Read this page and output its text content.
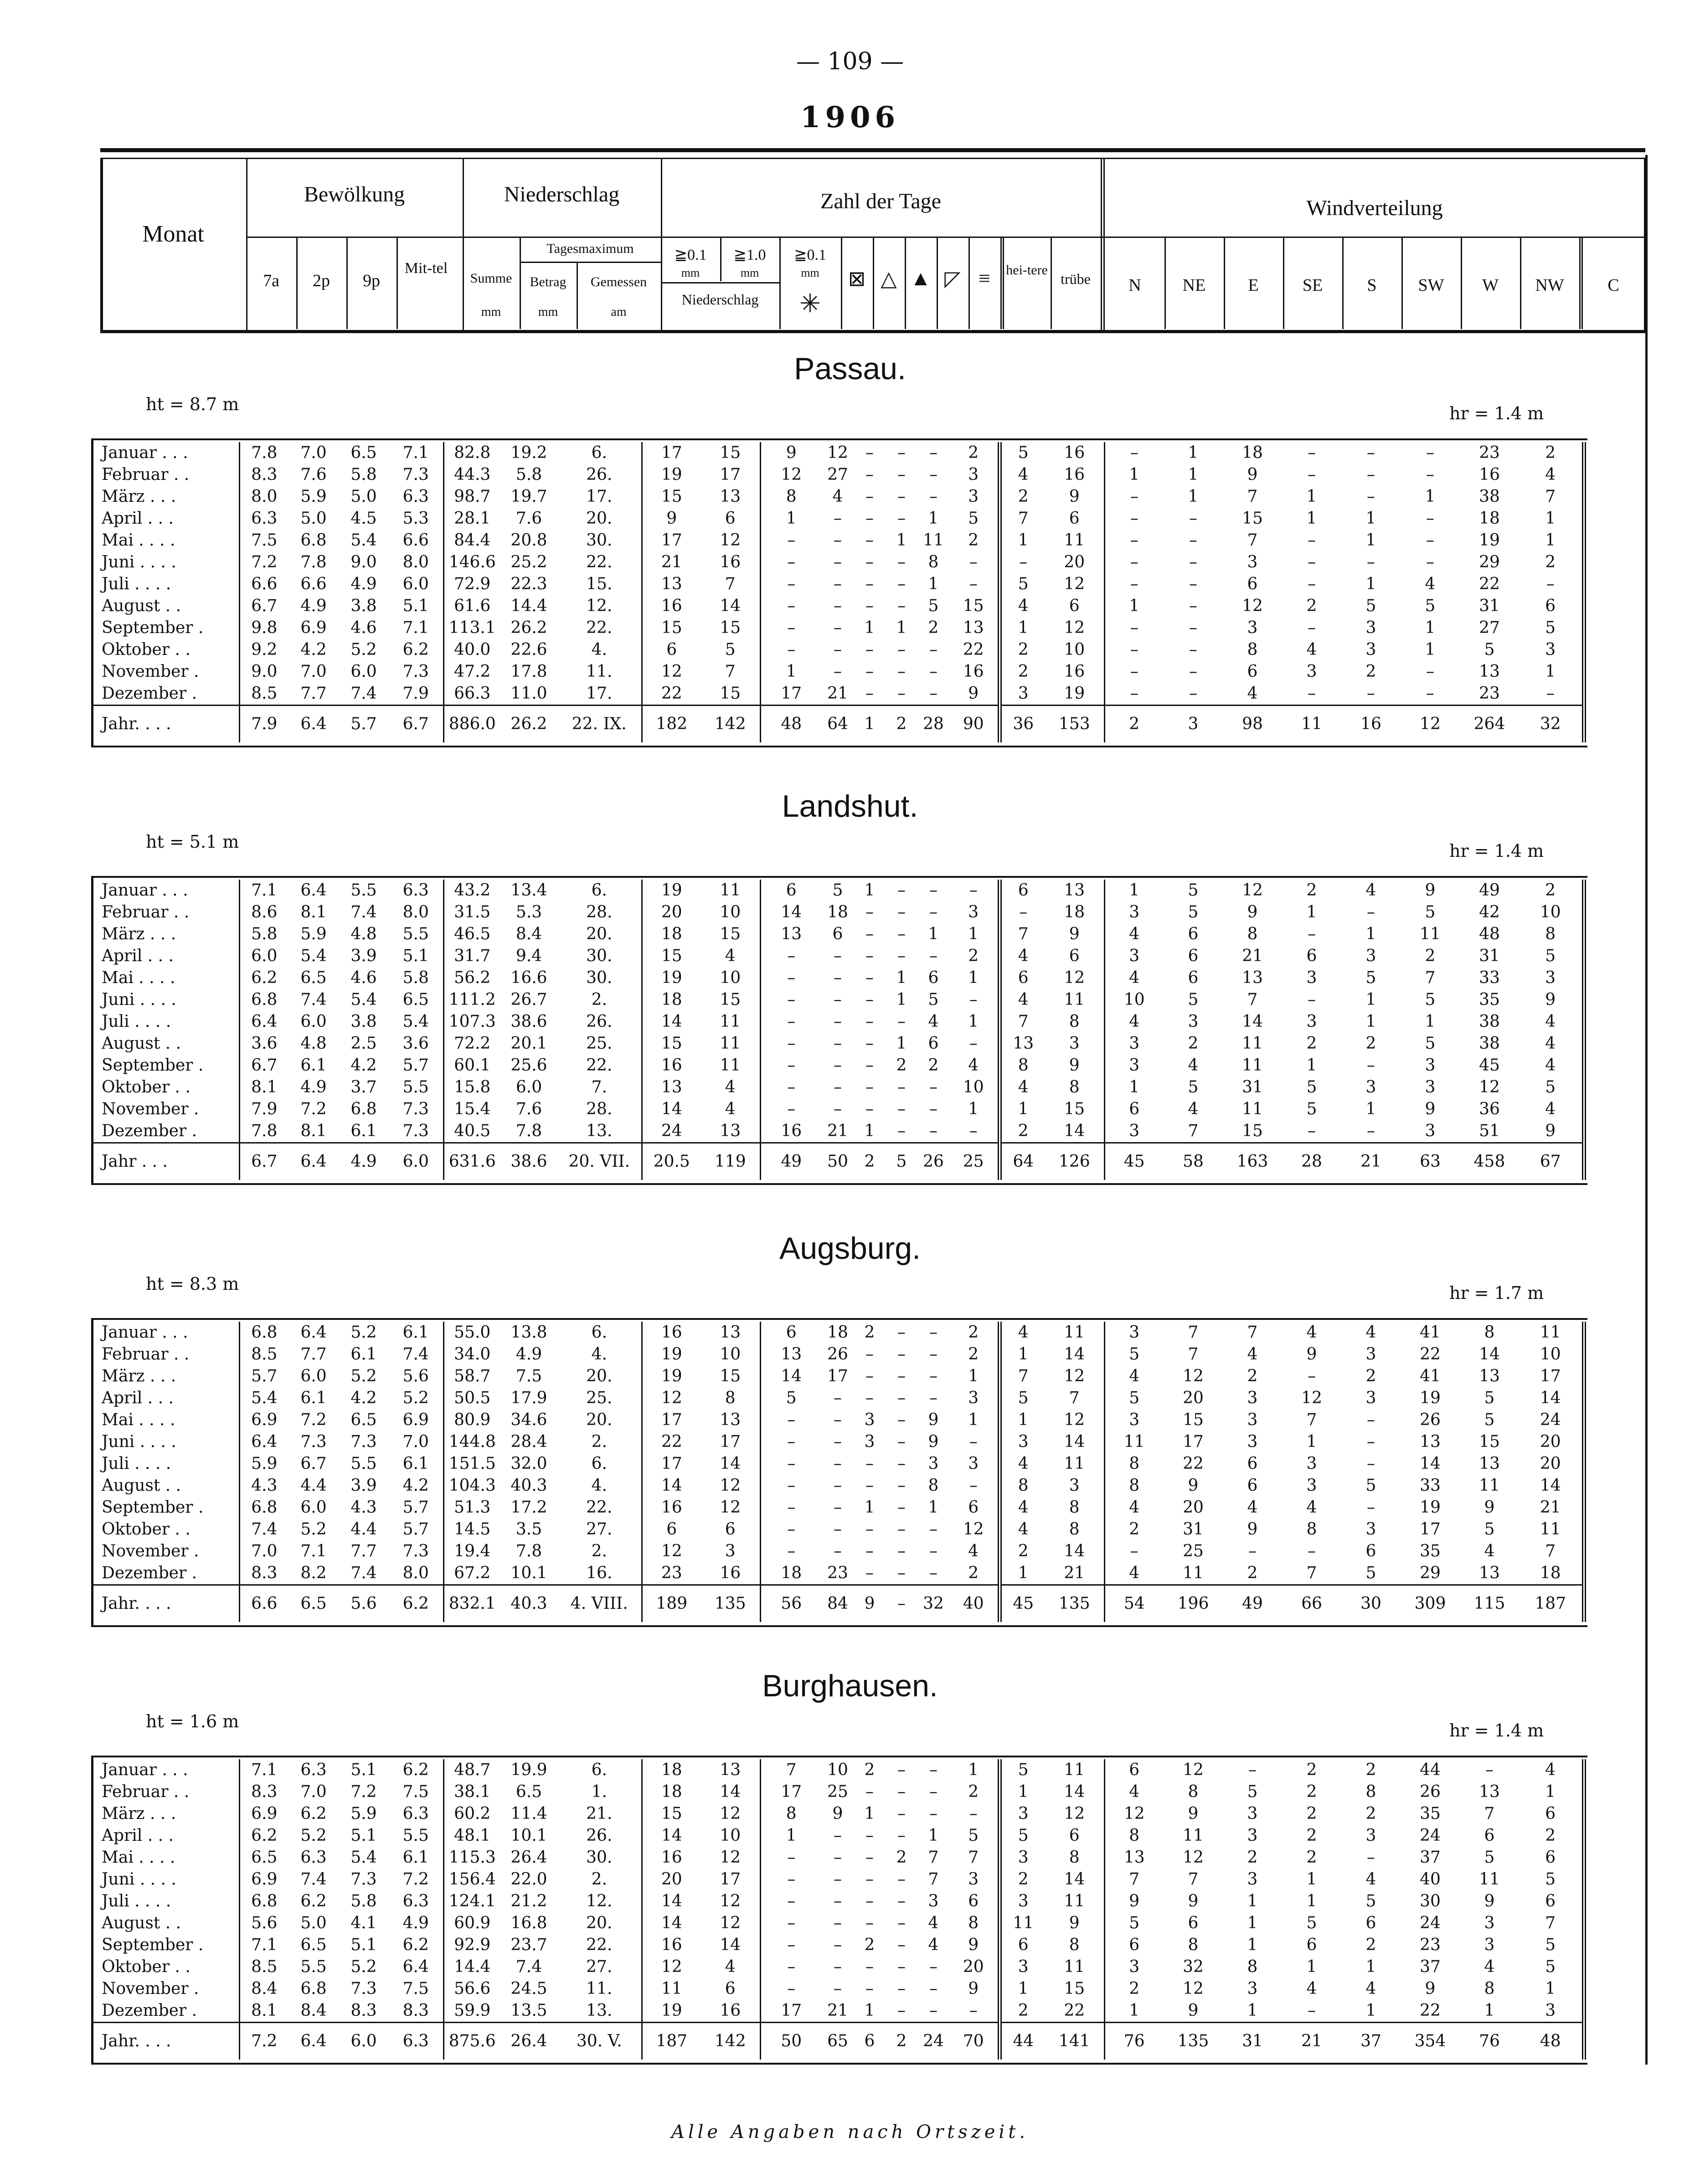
— 109 —
1906
Monat
Bewölkung
7a	2p	9p
Mit-tel
Niederschlag
Summe
mm
Tagesmaximum
Betrag
mm
Gemessen
am
Zahl der Tage
≧0.1
mm
≧1.0
mm
Niederschlag
≧0.1
mm
✳
⊠ △ ▲ ◸ ≡	hei-tere
trübe
Windverteilung
N	NE	E	SE	S	SW	W	NW	C
Passau.
ht = 8.7 m	hr = 1.4 m
Januar . . .	7.8	7.0	6.5	7.1	82.8	19.2	6.	17	15	9	12	–	–	–	2	5	16	–	1	18	–	–	–	23	2	
Februar . .	8.3	7.6	5.8	7.3	44.3	5.8	26.	19	17	12	27	–	–	–	3	4	16	1	1	9	–	–	–	16	4	
März . . .	8.0	5.9	5.0	6.3	98.7	19.7	17.	15	13	8	4	–	–	–	3	2	9	–	1	7	1	–	1	38	7	
April . . .	6.3	5.0	4.5	5.3	28.1	7.6	20.	9	6	1	–	–	–	1	5	7	6	–	–	15	1	1	–	18	1	
Mai . . . .	7.5	6.8	5.4	6.6	84.4	20.8	30.	17	12	–	–	–	1	11	2	1	11	–	–	7	–	1	–	19	1	
Juni . . . .	7.2	7.8	9.0	8.0	146.6	25.2	22.	21	16	–	–	–	–	8	–	–	20	–	–	3	–	–	–	29	2	
Juli . . . .	6.6	6.6	4.9	6.0	72.9	22.3	15.	13	7	–	–	–	–	1	–	5	12	–	–	6	–	1	4	22	–	
August . .	6.7	4.9	3.8	5.1	61.6	14.4	12.	16	14	–	–	–	–	5	15	4	6	1	–	12	2	5	5	31	6	
September .	9.8	6.9	4.6	7.1	113.1	26.2	22.	15	15	–	–	1	1	2	13	1	12	–	–	3	–	3	1	27	5	
Oktober . .	9.2	4.2	5.2	6.2	40.0	22.6	4.	6	5	–	–	–	–	–	22	2	10	–	–	8	4	3	1	5	3	
November .	9.0	7.0	6.0	7.3	47.2	17.8	11.	12	7	1	–	–	–	–	16	2	16	–	–	6	3	2	–	13	1	
Dezember .	8.5	7.7	7.4	7.9	66.3	11.0	17.	22	15	17	21	–	–	–	9	3	19	–	–	4	–	–	–	23	–	
Jahr. . . .	7.9	6.4	5.7	6.7	886.0	26.2	22. IX.	182	142	48	64	1	2	28	90	36	153	2	3	98	11	16	12	264	32	
Landshut.
ht = 5.1 m	hr = 1.4 m
Januar . . .	7.1	6.4	5.5	6.3	43.2	13.4	6.	19	11	6	5	1	–	–	–	6	13	1	5	12	2	4	9	49	2	
Februar . .	8.6	8.1	7.4	8.0	31.5	5.3	28.	20	10	14	18	–	–	–	3	–	18	3	5	9	1	–	5	42	10	
März . . .	5.8	5.9	4.8	5.5	46.5	8.4	20.	18	15	13	6	–	–	1	1	7	9	4	6	8	–	1	11	48	8	
April . . .	6.0	5.4	3.9	5.1	31.7	9.4	30.	15	4	–	–	–	–	–	2	4	6	3	6	21	6	3	2	31	5	
Mai . . . .	6.2	6.5	4.6	5.8	56.2	16.6	30.	19	10	–	–	–	1	6	1	6	12	4	6	13	3	5	7	33	3	
Juni . . . .	6.8	7.4	5.4	6.5	111.2	26.7	2.	18	15	–	–	–	1	5	–	4	11	10	5	7	–	1	5	35	9	
Juli . . . .	6.4	6.0	3.8	5.4	107.3	38.6	26.	14	11	–	–	–	–	4	1	7	8	4	3	14	3	1	1	38	4	
August . .	3.6	4.8	2.5	3.6	72.2	20.1	25.	15	11	–	–	–	1	6	–	13	3	3	2	11	2	2	5	38	4	
September .	6.7	6.1	4.2	5.7	60.1	25.6	22.	16	11	–	–	–	2	2	4	8	9	3	4	11	1	–	3	45	4	
Oktober . .	8.1	4.9	3.7	5.5	15.8	6.0	7.	13	4	–	–	–	–	–	10	4	8	1	5	31	5	3	3	12	5	
November .	7.9	7.2	6.8	7.3	15.4	7.6	28.	14	4	–	–	–	–	–	1	1	15	6	4	11	5	1	9	36	4	
Dezember .	7.8	8.1	6.1	7.3	40.5	7.8	13.	24	13	16	21	1	–	–	–	2	14	3	7	15	–	–	3	51	9	
Jahr . . .	6.7	6.4	4.9	6.0	631.6	38.6	20. VII.	20.5	119	49	50	2	5	26	25	64	126	45	58	163	28	21	63	458	67	
Augsburg.
ht = 8.3 m	hr = 1.7 m
Januar . . .	6.8	6.4	5.2	6.1	55.0	13.8	6.	16	13	6	18	2	–	–	2	4	11	3	7	7	4	4	41	8	11	
Februar . .	8.5	7.7	6.1	7.4	34.0	4.9	4.	19	10	13	26	–	–	–	2	1	14	5	7	4	9	3	22	14	10	
März . . .	5.7	6.0	5.2	5.6	58.7	7.5	20.	19	15	14	17	–	–	–	1	7	12	4	12	2	–	2	41	13	17	
April . . .	5.4	6.1	4.2	5.2	50.5	17.9	25.	12	8	5	–	–	–	–	3	5	7	5	20	3	12	3	19	5	14	
Mai . . . .	6.9	7.2	6.5	6.9	80.9	34.6	20.	17	13	–	–	3	–	9	1	1	12	3	15	3	7	–	26	5	24	
Juni . . . .	6.4	7.3	7.3	7.0	144.8	28.4	2.	22	17	–	–	3	–	9	–	3	14	11	17	3	1	–	13	15	20	
Juli . . . .	5.9	6.7	5.5	6.1	151.5	32.0	6.	17	14	–	–	–	–	3	3	4	11	8	22	6	3	–	14	13	20	
August . .	4.3	4.4	3.9	4.2	104.3	40.3	4.	14	12	–	–	–	–	8	–	8	3	8	9	6	3	5	33	11	14	
September .	6.8	6.0	4.3	5.7	51.3	17.2	22.	16	12	–	–	1	–	1	6	4	8	4	20	4	4	–	19	9	21	
Oktober . .	7.4	5.2	4.4	5.7	14.5	3.5	27.	6	6	–	–	–	–	–	12	4	8	2	31	9	8	3	17	5	11	
November .	7.0	7.1	7.7	7.3	19.4	7.8	2.	12	3	–	–	–	–	–	4	2	14	–	25	–	–	6	35	4	7	
Dezember .	8.3	8.2	7.4	8.0	67.2	10.1	16.	23	16	18	23	–	–	–	2	1	21	4	11	2	7	5	29	13	18	
Jahr. . . .	6.6	6.5	5.6	6.2	832.1	40.3	4. VIII.	189	135	56	84	9	–	32	40	45	135	54	196	49	66	30	309	115	187	
Burghausen.
ht = 1.6 m	hr = 1.4 m
Januar . . .	7.1	6.3	5.1	6.2	48.7	19.9	6.	18	13	7	10	2	–	–	1	5	11	6	12	–	2	2	44	–	4	
Februar . .	8.3	7.0	7.2	7.5	38.1	6.5	1.	18	14	17	25	–	–	–	2	1	14	4	8	5	2	8	26	13	1	
März . . .	6.9	6.2	5.9	6.3	60.2	11.4	21.	15	12	8	9	1	–	–	–	3	12	12	9	3	2	2	35	7	6	
April . . .	6.2	5.2	5.1	5.5	48.1	10.1	26.	14	10	1	–	–	–	1	5	5	6	8	11	3	2	3	24	6	2	
Mai . . . .	6.5	6.3	5.4	6.1	115.3	26.4	30.	16	12	–	–	–	2	7	7	3	8	13	12	2	2	–	37	5	6	
Juni . . . .	6.9	7.4	7.3	7.2	156.4	22.0	2.	20	17	–	–	–	–	7	3	2	14	7	7	3	1	4	40	11	5	
Juli . . . .	6.8	6.2	5.8	6.3	124.1	21.2	12.	14	12	–	–	–	–	3	6	3	11	9	9	1	1	5	30	9	6	
August . .	5.6	5.0	4.1	4.9	60.9	16.8	20.	14	12	–	–	–	–	4	8	11	9	5	6	1	5	6	24	3	7	
September .	7.1	6.5	5.1	6.2	92.9	23.7	22.	16	14	–	–	2	–	4	9	6	8	6	8	1	6	2	23	3	5	
Oktober . .	8.5	5.5	5.2	6.4	14.4	7.4	27.	12	4	–	–	–	–	–	20	3	11	3	32	8	1	1	37	4	5	
November .	8.4	6.8	7.3	7.5	56.6	24.5	11.	11	6	–	–	–	–	–	9	1	15	2	12	3	4	4	9	8	1	
Dezember .	8.1	8.4	8.3	8.3	59.9	13.5	13.	19	16	17	21	1	–	–	–	2	22	1	9	1	–	1	22	1	3	
Jahr. . . .	7.2	6.4	6.0	6.3	875.6	26.4	30. V.	187	142	50	65	6	2	24	70	44	141	76	135	31	21	37	354	76	48	
Alle Angaben nach Ortszeit.
